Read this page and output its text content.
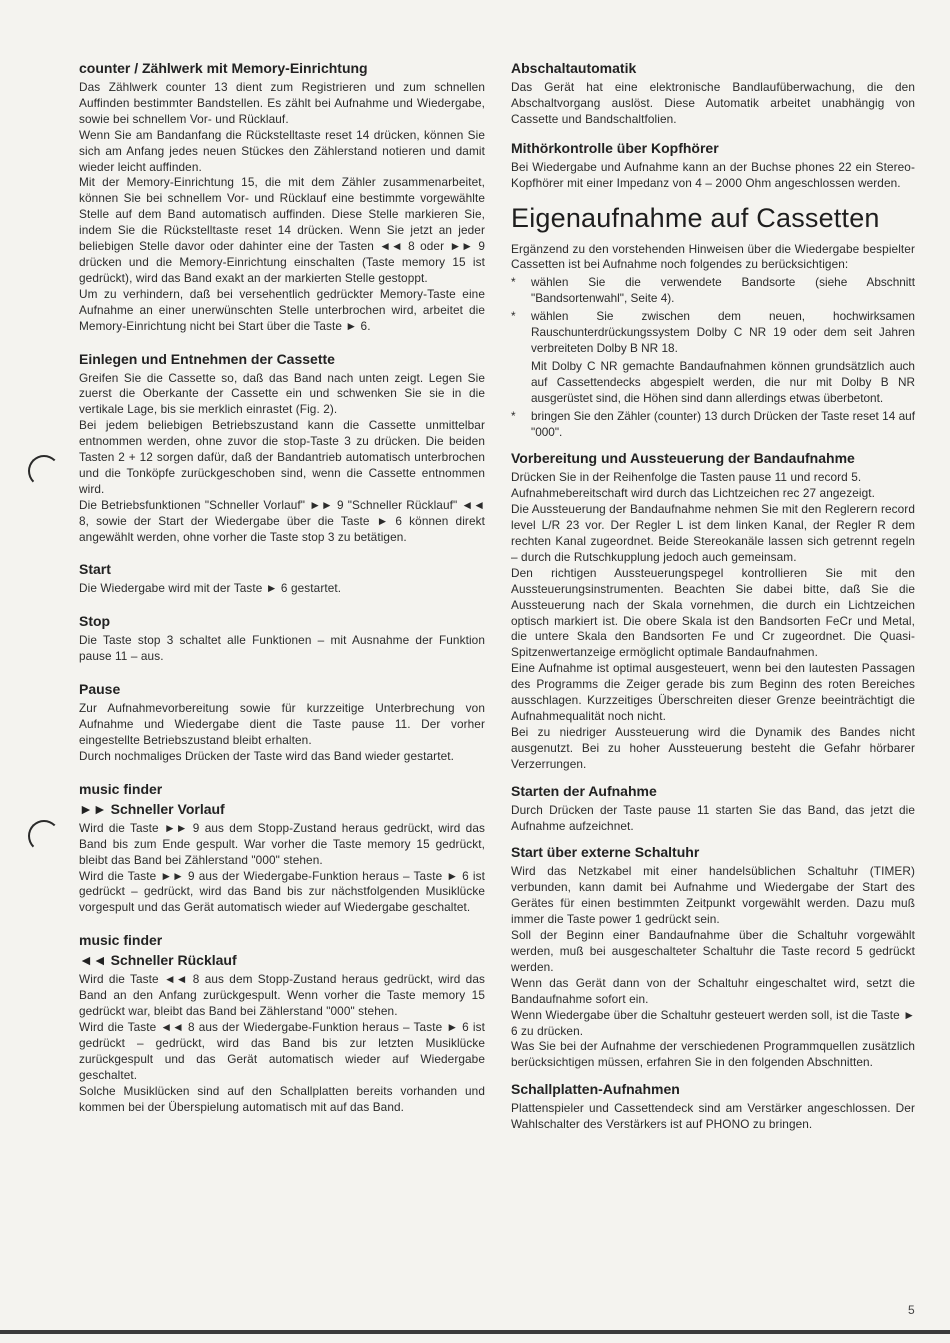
counter / Zählwerk mit Memory-Einrichtung

Das Zählwerk counter 13 dient zum Registrieren und zum schnellen Auffinden bestimmter Bandstellen. Es zählt bei Aufnahme und Wiedergabe, sowie bei schnellem Vor- und Rücklauf.

Wenn Sie am Bandanfang die Rückstelltaste reset 14 drücken, können Sie sich am Anfang jedes neuen Stückes den Zählerstand notieren und damit wieder leicht auffinden.

Mit der Memory-Einrichtung 15, die mit dem Zähler zusammenarbeitet, können Sie bei schnellem Vor- und Rücklauf eine bestimmte vorgewählte Stelle auf dem Band automatisch auffinden. Diese Stelle markieren Sie, indem Sie die Rückstelltaste reset 14 drücken. Wenn Sie jetzt an jeder beliebigen Stelle davor oder dahinter eine der Tasten ◄◄ 8 oder ►► 9 drücken und die Memory-Einrichtung einschalten (Taste memory 15 ist gedrückt), wird das Band exakt an der markierten Stelle gestoppt.

Um zu verhindern, daß bei versehentlich gedrückter Memory-Taste eine Aufnahme an einer unerwünschten Stelle unterbrochen wird, arbeitet die Memory-Einrichtung nicht bei Start über die Taste ► 6.

Einlegen und Entnehmen der Cassette

Greifen Sie die Cassette so, daß das Band nach unten zeigt. Legen Sie zuerst die Oberkante der Cassette ein und schwenken Sie sie in die vertikale Lage, bis sie merklich einrastet (Fig. 2).

Bei jedem beliebigen Betriebszustand kann die Cassette unmittelbar entnommen werden, ohne zuvor die stop-Taste 3 zu drücken. Die beiden Tasten 2 + 12 sorgen dafür, daß der Bandantrieb automatisch unterbrochen und die Tonköpfe zurückgeschoben sind, wenn die Cassette entnommen wird.

Die Betriebsfunktionen "Schneller Vorlauf" ►► 9 "Schneller Rücklauf" ◄◄ 8, sowie der Start der Wiedergabe über die Taste ► 6 können direkt angewählt werden, ohne vorher die Taste stop 3 zu betätigen.

Start

Die Wiedergabe wird mit der Taste ► 6 gestartet.

Stop

Die Taste stop 3 schaltet alle Funktionen – mit Ausnahme der Funktion pause 11 – aus.

Pause

Zur Aufnahmevorbereitung sowie für kurzzeitige Unterbrechung von Aufnahme und Wiedergabe dient die Taste pause 11. Der vorher eingestellte Betriebszustand bleibt erhalten.

Durch nochmaliges Drücken der Taste wird das Band wieder gestartet.

music finder
►► Schneller Vorlauf

Wird die Taste ►► 9 aus dem Stopp-Zustand heraus gedrückt, wird das Band bis zum Ende gespult. War vorher die Taste memory 15 gedrückt, bleibt das Band bei Zählerstand "000" stehen.

Wird die Taste ►► 9 aus der Wiedergabe-Funktion heraus – Taste ► 6 ist gedrückt – gedrückt, wird das Band bis zur nächstfolgenden Musiklücke vorgespult und das Gerät automatisch wieder auf Wiedergabe geschaltet.

music finder
◄◄ Schneller Rücklauf

Wird die Taste ◄◄ 8 aus dem Stopp-Zustand heraus gedrückt, wird das Band an den Anfang zurückgespult. Wenn vorher die Taste memory 15 gedrückt war, bleibt das Band bei Zählerstand "000" stehen.

Wird die Taste ◄◄ 8 aus der Wiedergabe-Funktion heraus – Taste ► 6 ist gedrückt – gedrückt, wird das Band bis zur letzten Musiklücke zurückgespult und das Gerät automatisch wieder auf Wiedergabe geschaltet.

Solche Musiklücken sind auf den Schallplatten bereits vorhanden und kommen bei der Überspielung automatisch mit auf das Band.

Abschaltautomatik

Das Gerät hat eine elektronische Bandlaufüberwachung, die den Abschaltvorgang auslöst. Diese Automatik arbeitet unabhängig von Cassette und Bandschaltfolien.

Mithörkontrolle über Kopfhörer

Bei Wiedergabe und Aufnahme kann an der Buchse phones 22 ein Stereo-Kopfhörer mit einer Impedanz von 4 – 2000 Ohm angeschlossen werden.

Eigenaufnahme auf Cassetten

Ergänzend zu den vorstehenden Hinweisen über die Wiedergabe bespielter Cassetten ist bei Aufnahme noch folgendes zu berücksichtigen:

* wählen Sie die verwendete Bandsorte (siehe Abschnitt "Bandsortenwahl", Seite 4).
* wählen Sie zwischen dem neuen, hochwirksamen Rauschunterdrückungssystem Dolby C NR 19 oder dem seit Jahren verbreiteten Dolby B NR 18.
Mit Dolby C NR gemachte Bandaufnahmen können grundsätzlich auch auf Cassettendecks abgespielt werden, die nur mit Dolby B NR ausgerüstet sind, die Höhen sind dann allerdings etwas überbetont.
* bringen Sie den Zähler (counter) 13 durch Drücken der Taste reset 14 auf "000".
Vorbereitung und Aussteuerung der Bandaufnahme

Drücken Sie in der Reihenfolge die Tasten pause 11 und record 5.

Aufnahmebereitschaft wird durch das Lichtzeichen rec 27 angezeigt.

Die Aussteuerung der Bandaufnahme nehmen Sie mit den Reglerern record level L/R 23 vor. Der Regler L ist dem linken Kanal, der Regler R dem rechten Kanal zugeordnet. Beide Stereokanäle lassen sich getrennt regeln – durch die Rutschkupplung jedoch auch gemeinsam.

Den richtigen Aussteuerungspegel kontrollieren Sie mit den Aussteuerungsinstrumenten. Beachten Sie dabei bitte, daß Sie die Aussteuerung nach der Skala vornehmen, die durch ein Lichtzeichen optisch markiert ist. Die obere Skala ist den Bandsorten FeCr und Metal, die untere Skala den Bandsorten Fe und Cr zugeordnet. Die Quasi-Spitzenwertanzeige ermöglicht optimale Bandaufnahmen.

Eine Aufnahme ist optimal ausgesteuert, wenn bei den lautesten Passagen des Programms die Zeiger gerade bis zum Beginn des roten Bereiches ausschlagen. Kurzzeitiges Überschreiten dieser Grenze beeinträchtigt die Aufnahmequalität noch nicht.

Bei zu niedriger Aussteuerung wird die Dynamik des Bandes nicht ausgenutzt. Bei zu hoher Aussteuerung besteht die Gefahr hörbarer Verzerrungen.

Starten der Aufnahme

Durch Drücken der Taste pause 11 starten Sie das Band, das jetzt die Aufnahme aufzeichnet.

Start über externe Schaltuhr

Wird das Netzkabel mit einer handelsüblichen Schaltuhr (TIMER) verbunden, kann damit bei Aufnahme und Wiedergabe der Start des Gerätes für einen bestimmten Zeitpunkt vorgewählt werden. Dazu muß immer die Taste power 1 gedrückt sein.

Soll der Beginn einer Bandaufnahme über die Schaltuhr vorgewählt werden, muß bei ausgeschalteter Schaltuhr die Taste record 5 gedrückt werden.

Wenn das Gerät dann von der Schaltuhr eingeschaltet wird, setzt die Bandaufnahme sofort ein.

Wenn Wiedergabe über die Schaltuhr gesteuert werden soll, ist die Taste ► 6 zu drücken.

Was Sie bei der Aufnahme der verschiedenen Programmquellen zusätzlich berücksichtigen müssen, erfahren Sie in den folgenden Abschnitten.

Schallplatten-Aufnahmen

Plattenspieler und Cassettendeck sind am Verstärker angeschlossen. Der Wahlschalter des Verstärkers ist auf PHONO zu bringen.

5
